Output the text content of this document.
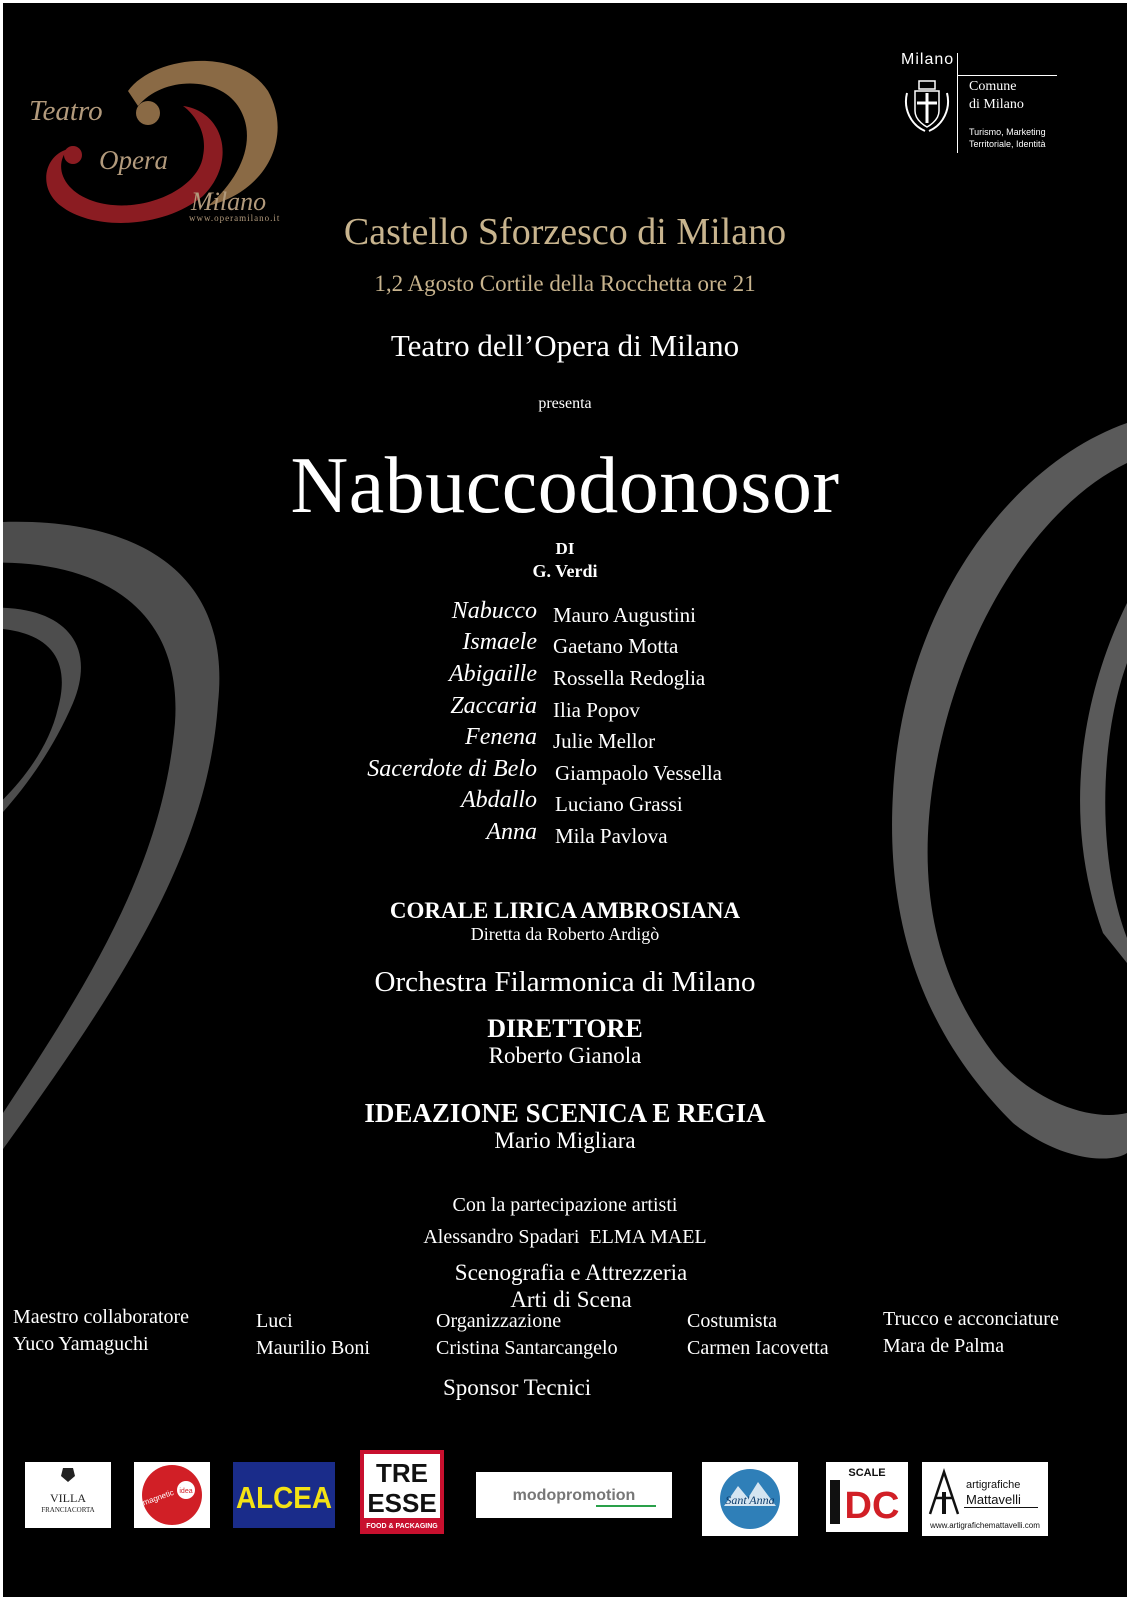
Teatro
Opera
Milano
www.operamilano.it
Milano
Comune
di Milano
Turismo, Marketing
Territoriale, Identità
Castello Sforzesco di Milano
1,2 Agosto Cortile della Rocchetta ore 21
Teatro dell’Opera di Milano
presenta
Nabuccodonosor
DI
G. Verdi
Nabucco Mauro Augustini
Ismaele Gaetano Motta
Abigaille Rossella Redoglia
Zaccaria Ilia Popov
Fenena Julie Mellor
Sacerdote di Belo Giampaolo Vessella
Abdallo Luciano Grassi
Anna Mila Pavlova
CORALE LIRICA AMBROSIANA
Diretta da Roberto Ardigò
Orchestra Filarmonica di Milano
DIRETTORE
Roberto Gianola
IDEAZIONE SCENICA E REGIA
Mario Migliara
Con la partecipazione artisti
Alessandro Spadari  ELMA MAEL
Scenografia e Attrezzeria
Arti di Scena
Maestro collaboratore
Yuco Yamaguchi
Luci
Maurilio Boni
Organizzazione
Cristina Santarcangelo
Costumista
Carmen Iacovetta
Trucco e acconciature
Mara de Palma
Sponsor Tecnici
VILLA
FRANCIACORTA
magnetic idea ALCEA
TRE
ESSE
FOOD & PACKAGING
modopromotion	Sant'Anna
SCALE
DC	artigrafiche
Mattavelli
www.artigrafichemattavelli.com
